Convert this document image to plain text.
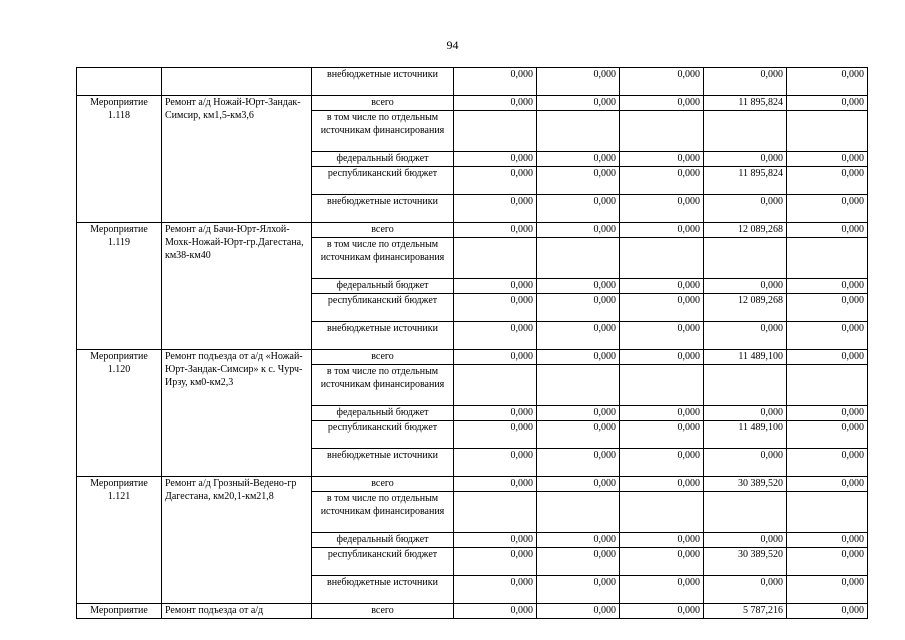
94
		внебюджетные источники	0,000	0,000	0,000	0,000	0,000
Мероприятие 1.118	Ремонт а/д Ножай-Юрт-Зандак-Симсир, км1,5-км3,6	всего	0,000	0,000	0,000	11 895,824	0,000
		в том числе по отдельным источникам финансирования					
		федеральный бюджет	0,000	0,000	0,000	0,000	0,000
		республиканский бюджет	0,000	0,000	0,000	11 895,824	0,000
		внебюджетные источники	0,000	0,000	0,000	0,000	0,000
Мероприятие 1.119	Ремонт а/д Бачи-Юрт-Ялхой-Мохк-Ножай-Юрт-гр.Дагестана, км38-км40	всего	0,000	0,000	0,000	12 089,268	0,000
		в том числе по отдельным источникам финансирования					
		федеральный бюджет	0,000	0,000	0,000	0,000	0,000
		республиканский бюджет	0,000	0,000	0,000	12 089,268	0,000
		внебюджетные источники	0,000	0,000	0,000	0,000	0,000
Мероприятие 1.120	Ремонт подъезда от а/д «Ножай-Юрт-Зандак-Симсир» к с. Чурч-Ирзу, км0-км2,3	всего	0,000	0,000	0,000	11 489,100	0,000
		в том числе по отдельным источникам финансирования					
		федеральный бюджет	0,000	0,000	0,000	0,000	0,000
		республиканский бюджет	0,000	0,000	0,000	11 489,100	0,000
		внебюджетные источники	0,000	0,000	0,000	0,000	0,000
Мероприятие 1.121	Ремонт а/д Грозный-Ведено-гр Дагестана, км20,1-км21,8	всего	0,000	0,000	0,000	30 389,520	0,000
		в том числе по отдельным источникам финансирования					
		федеральный бюджет	0,000	0,000	0,000	0,000	0,000
		республиканский бюджет	0,000	0,000	0,000	30 389,520	0,000
		внебюджетные источники	0,000	0,000	0,000	0,000	0,000
Мероприятие	Ремонт подъезда от а/д	всего	0,000	0,000	0,000	5 787,216	0,000
